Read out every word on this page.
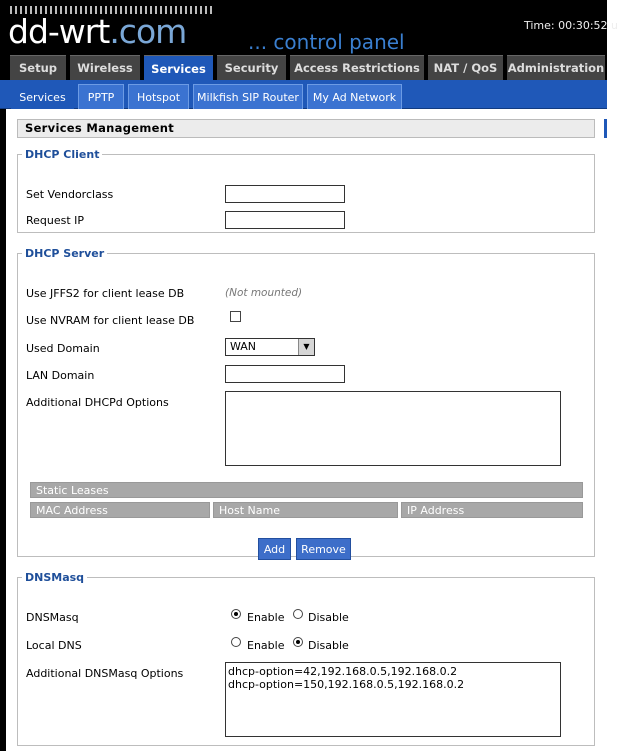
dd-wrt.com	... control panel
Time: 00:30:52 u
Setup	Wireless	Services	Security	Access Restrictions	NAT / QoS Administration
Services	PPTP	Hotspot	Milkfish SIP Router	My Ad Network
Services Management
DHCP Client
Set Vendorclass
Request IP
DHCP Server
Use JFFS2 for client lease DB	(Not mounted)
Use NVRAM for client lease DB
Used Domain	WAN	▼
LAN Domain
Additional DHCPd Options
Static Leases
MAC Address	Host Name	IP Address
Add	Remove
DNSMasq
DNSMasq	Enable Disable
Local DNS	Enable Disable
Additional DNSMasq Options	dhcp-option=42,192.168.0.5,192.168.0.2
dhcp-option=150,192.168.0.5,192.168.0.2
